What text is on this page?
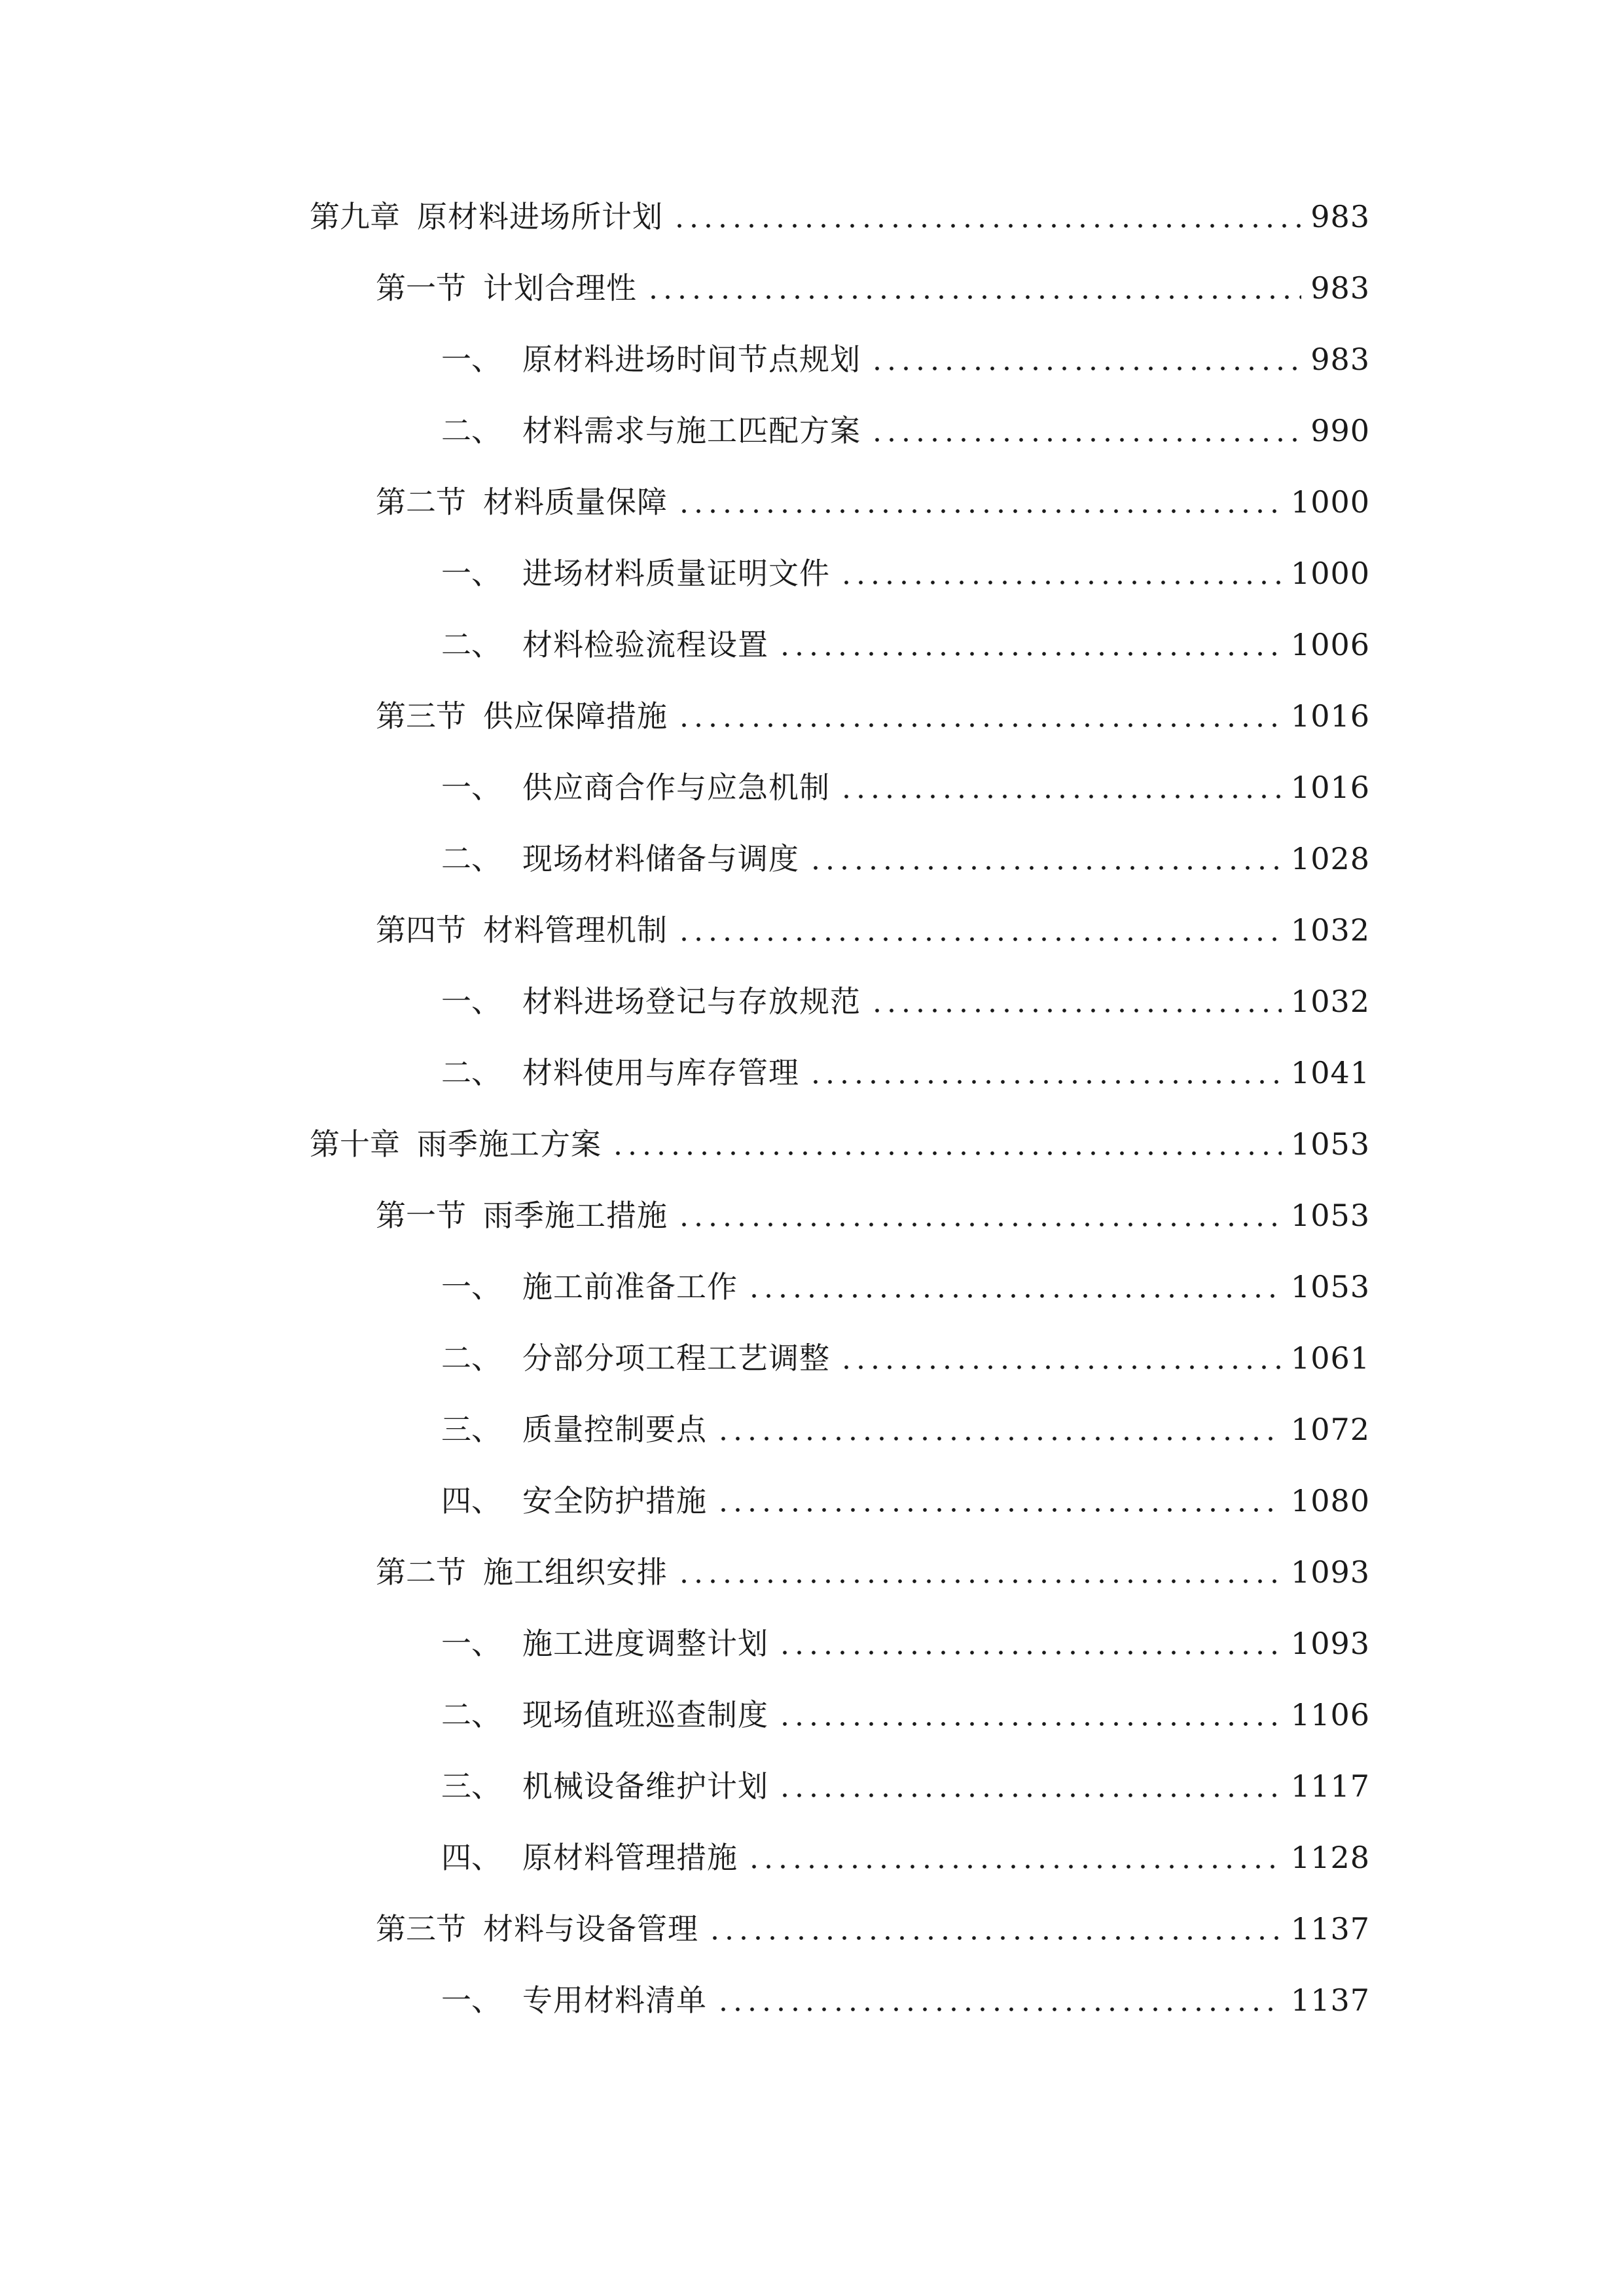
第九章 原材料进场所计划	983
第一节 计划合理性	983
一、 原材料进场时间节点规划	983
二、 材料需求与施工匹配方案	990
第二节 材料质量保障	1000
一、 进场材料质量证明文件	1000
二、 材料检验流程设置	1006
第三节 供应保障措施	1016
一、 供应商合作与应急机制	1016
二、 现场材料储备与调度	1028
第四节 材料管理机制	1032
一、 材料进场登记与存放规范	1032
二、 材料使用与库存管理	1041
第十章 雨季施工方案	1053
第一节 雨季施工措施	1053
一、 施工前准备工作	1053
二、 分部分项工程工艺调整	1061
三、 质量控制要点	1072
四、 安全防护措施	1080
第二节 施工组织安排	1093
一、 施工进度调整计划	1093
二、 现场值班巡查制度	1106
三、 机械设备维护计划	1117
四、 原材料管理措施	1128
第三节 材料与设备管理	1137
一、 专用材料清单	1137
